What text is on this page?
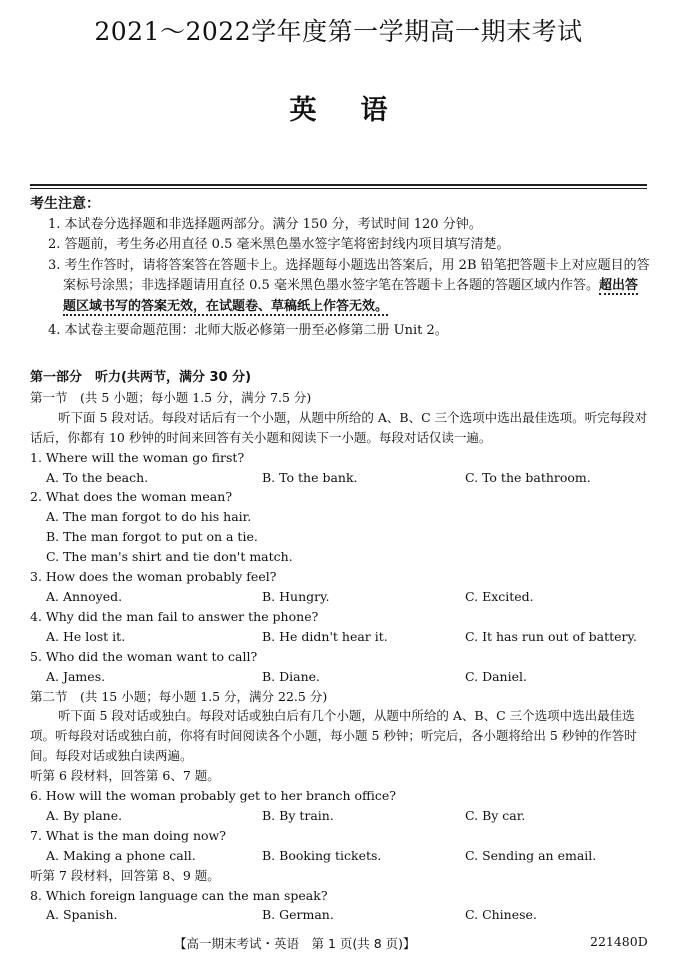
2021～2022学年度第一学期高一期末考试
英语
考生注意：
1. 本试卷分选择题和非选择题两部分。满分 150 分，考试时间 120 分钟。
2. 答题前，考生务必用直径 0.5 毫米黑色墨水签字笔将密封线内项目填写清楚。
3. 考生作答时，请将答案答在答题卡上。选择题每小题选出答案后，用 2B 铅笔把答题卡上对应题目的答案标号涂黑；非选择题请用直径 0.5 毫米黑色墨水签字笔在答题卡上各题的答题区域内作答。超出答题区域书写的答案无效，在试题卷、草稿纸上作答无效。
4. 本试卷主要命题范围：北师大版必修第一册至必修第二册 Unit 2。
第一部分　听力(共两节，满分 30 分)
第一节　(共 5 小题；每小题 1.5 分，满分 7.5 分)
听下面 5 段对话。每段对话后有一个小题，从题中所给的 A、B、C 三个选项中选出最佳选项。听完每段对话后，你都有 10 秒钟的时间来回答有关小题和阅读下一小题。每段对话仅读一遍。
1. Where will the woman go first?
A. To the beach.	B. To the bank.	C. To the bathroom.
2. What does the woman mean?
A. The man forgot to do his hair.
B. The man forgot to put on a tie.
C. The man's shirt and tie don't match.
3. How does the woman probably feel?
A. Annoyed.	B. Hungry.	C. Excited.
4. Why did the man fail to answer the phone?
A. He lost it.	B. He didn't hear it.	C. It has run out of battery.
5. Who did the woman want to call?
A. James.	B. Diane.	C. Daniel.
第二节　(共 15 小题；每小题 1.5 分，满分 22.5 分)
听下面 5 段对话或独白。每段对话或独白后有几个小题，从题中所给的 A、B、C 三个选项中选出最佳选项。听每段对话或独白前，你将有时间阅读各个小题，每小题 5 秒钟；听完后，各小题将给出 5 秒钟的作答时间。每段对话或独白读两遍。
听第 6 段材料，回答第 6、7 题。
6. How will the woman probably get to her branch office?
A. By plane.	B. By train.	C. By car.
7. What is the man doing now?
A. Making a phone call.	B. Booking tickets.	C. Sending an email.
听第 7 段材料，回答第 8、9 题。
8. Which foreign language can the man speak?
A. Spanish.	B. German.	C. Chinese.
【高一期末考试・英语　第 1 页(共 8 页)】	221480D
